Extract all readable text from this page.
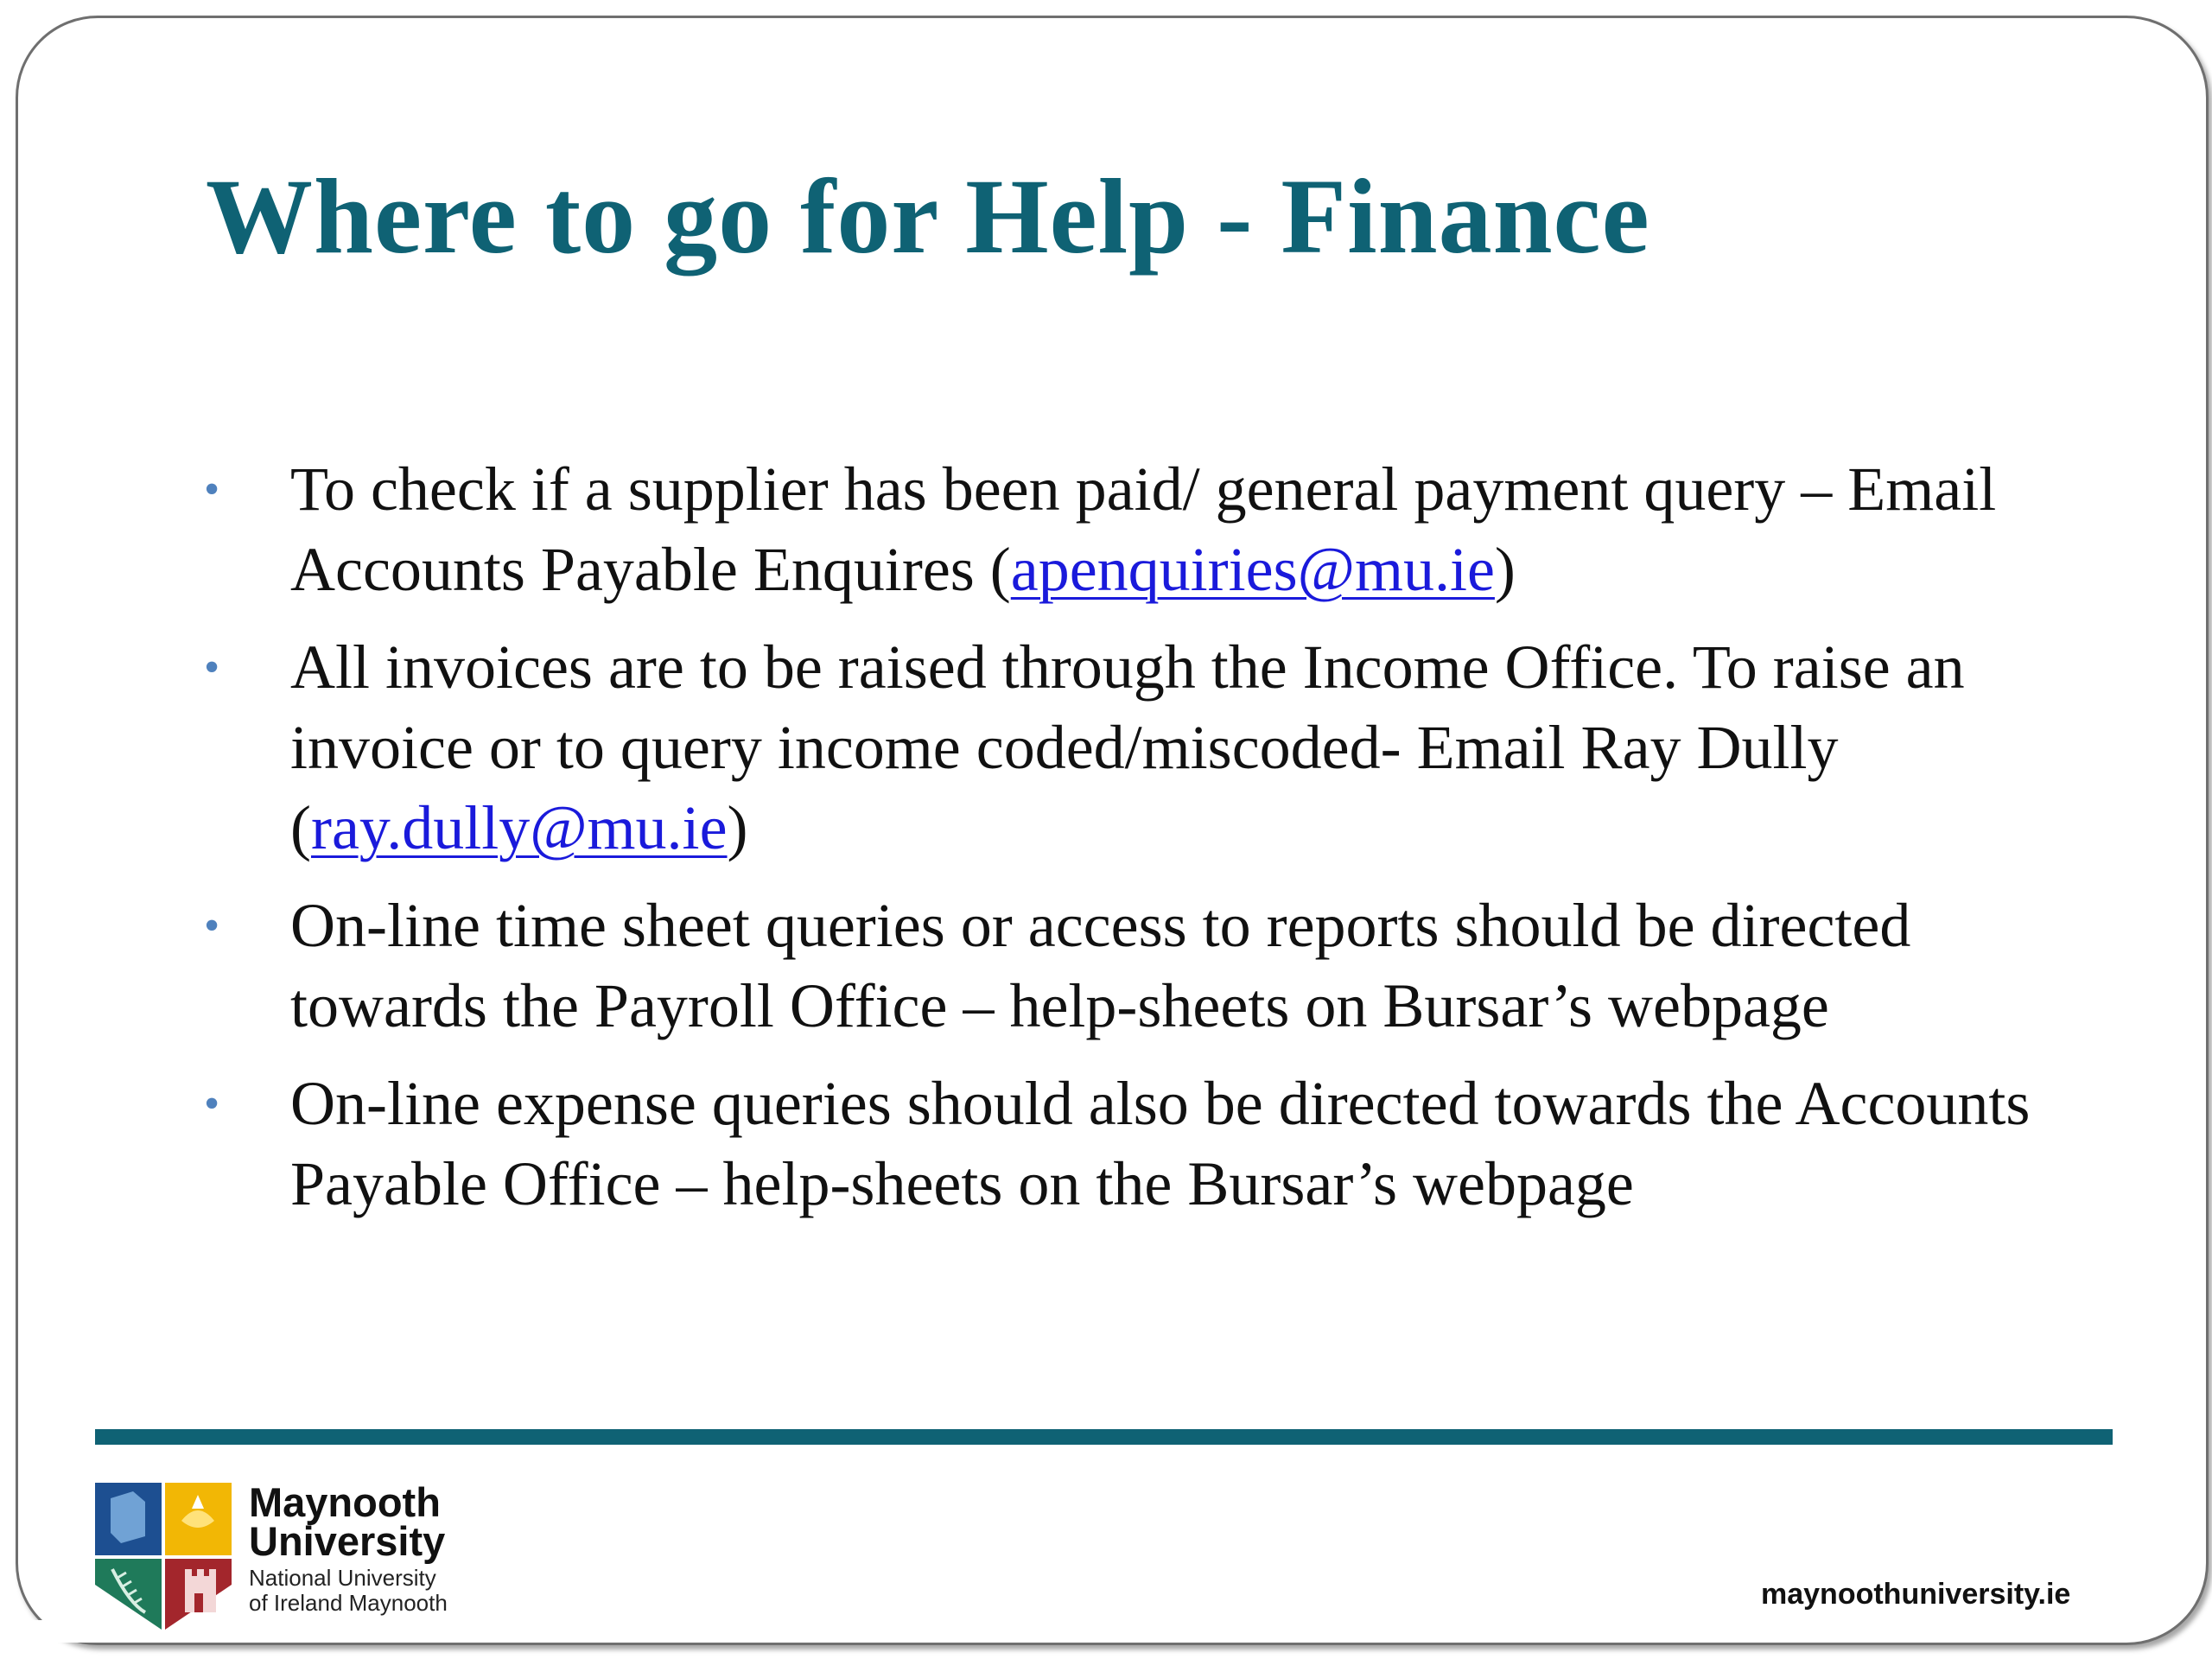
Where to go for Help - Finance
• To check if a supplier has been paid/ general payment query – Email Accounts Payable Enquires (apenquiries@mu.ie)
• All invoices are to be raised through the Income Office. To raise an invoice or to query income coded/miscoded- Email Ray Dully (ray.dully@mu.ie)
• On-line time sheet queries or access to reports should be directed towards the Payroll Office – help-sheets on Bursar’s webpage
• On-line expense queries should also be directed towards the Accounts Payable Office – help-sheets on the Bursar’s webpage
Maynooth
University
National University
of Ireland Maynooth	maynoothuniversity.ie
